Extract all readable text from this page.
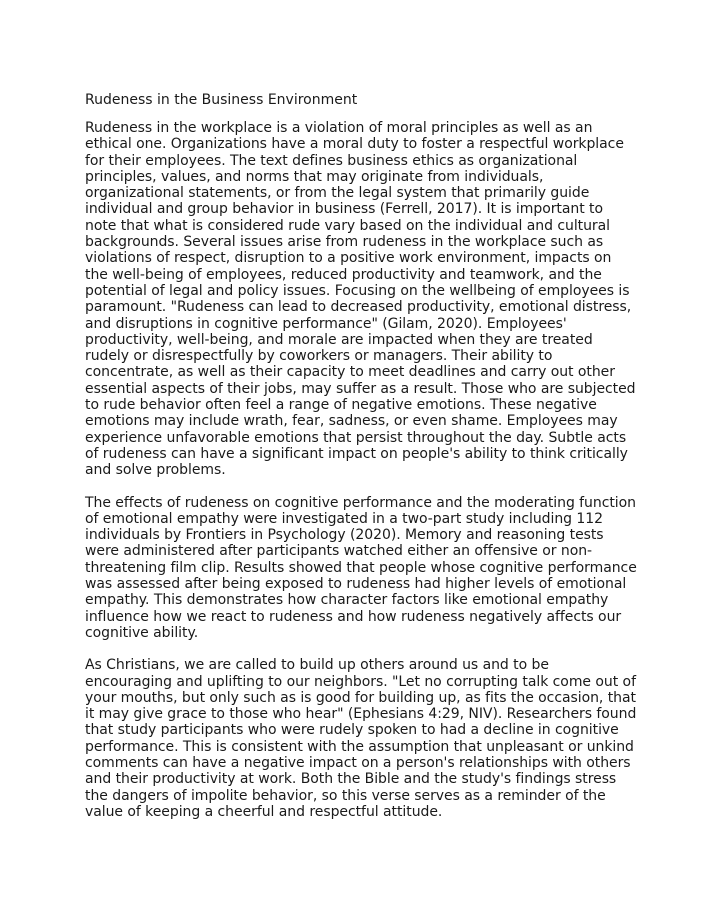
Rudeness in the Business Environment

Rudeness in the workplace is a violation of moral principles as well as an ethical one. Organizations have a moral duty to foster a respectful workplace for their employees. The text defines business ethics as organizational principles, values, and norms that may originate from individuals, organizational statements, or from the legal system that primarily guide individual and group behavior in business (Ferrell, 2017). It is important to note that what is considered rude vary based on the individual and cultural backgrounds. Several issues arise from rudeness in the workplace such as violations of respect, disruption to a positive work environment, impacts on the well-being of employees, reduced productivity and teamwork, and the potential of legal and policy issues. Focusing on the wellbeing of employees is paramount. "Rudeness can lead to decreased productivity, emotional distress, and disruptions in cognitive performance" (Gilam, 2020). Employees' productivity, well-being, and morale are impacted when they are treated rudely or disrespectfully by coworkers or managers. Their ability to concentrate, as well as their capacity to meet deadlines and carry out other essential aspects of their jobs, may suffer as a result. Those who are subjected to rude behavior often feel a range of negative emotions. These negative emotions may include wrath, fear, sadness, or even shame. Employees may experience unfavorable emotions that persist throughout the day. Subtle acts of rudeness can have a significant impact on people's ability to think critically and solve problems.

The effects of rudeness on cognitive performance and the moderating function of emotional empathy were investigated in a two-part study including 112 individuals by Frontiers in Psychology (2020). Memory and reasoning tests were administered after participants watched either an offensive or non-threatening film clip. Results showed that people whose cognitive performance was assessed after being exposed to rudeness had higher levels of emotional empathy. This demonstrates how character factors like emotional empathy influence how we react to rudeness and how rudeness negatively affects our cognitive ability.

As Christians, we are called to build up others around us and to be encouraging and uplifting to our neighbors. "Let no corrupting talk come out of your mouths, but only such as is good for building up, as fits the occasion, that it may give grace to those who hear" (Ephesians 4:29, NIV). Researchers found that study participants who were rudely spoken to had a decline in cognitive performance. This is consistent with the assumption that unpleasant or unkind comments can have a negative impact on a person's relationships with others and their productivity at work. Both the Bible and the study's findings stress the dangers of impolite behavior, so this verse serves as a reminder of the value of keeping a cheerful and respectful attitude.
